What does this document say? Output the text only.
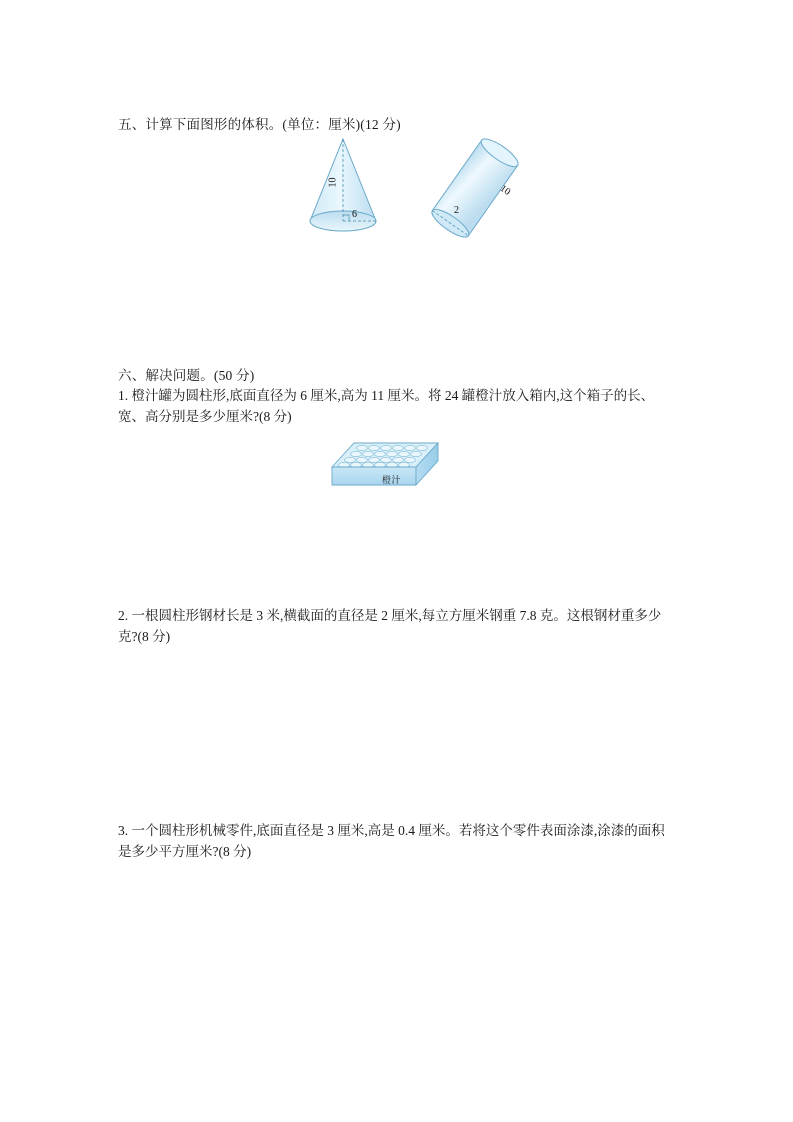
五、计算下面图形的体积。(单位：厘米)(12 分)
10
6	2
10
六、解决问题。(50 分)
1. 橙汁罐为圆柱形,底面直径为 6 厘米,高为 11 厘米。将 24 罐橙汁放入箱内,这个箱子的长、宽、高分别是多少厘米?(8 分)
橙汁
2. 一根圆柱形钢材长是 3 米,横截面的直径是 2 厘米,每立方厘米钢重 7.8 克。这根钢材重多少克?(8 分)
3. 一个圆柱形机械零件,底面直径是 3 厘米,高是 0.4 厘米。若将这个零件表面涂漆,涂漆的面积是多少平方厘米?(8 分)
